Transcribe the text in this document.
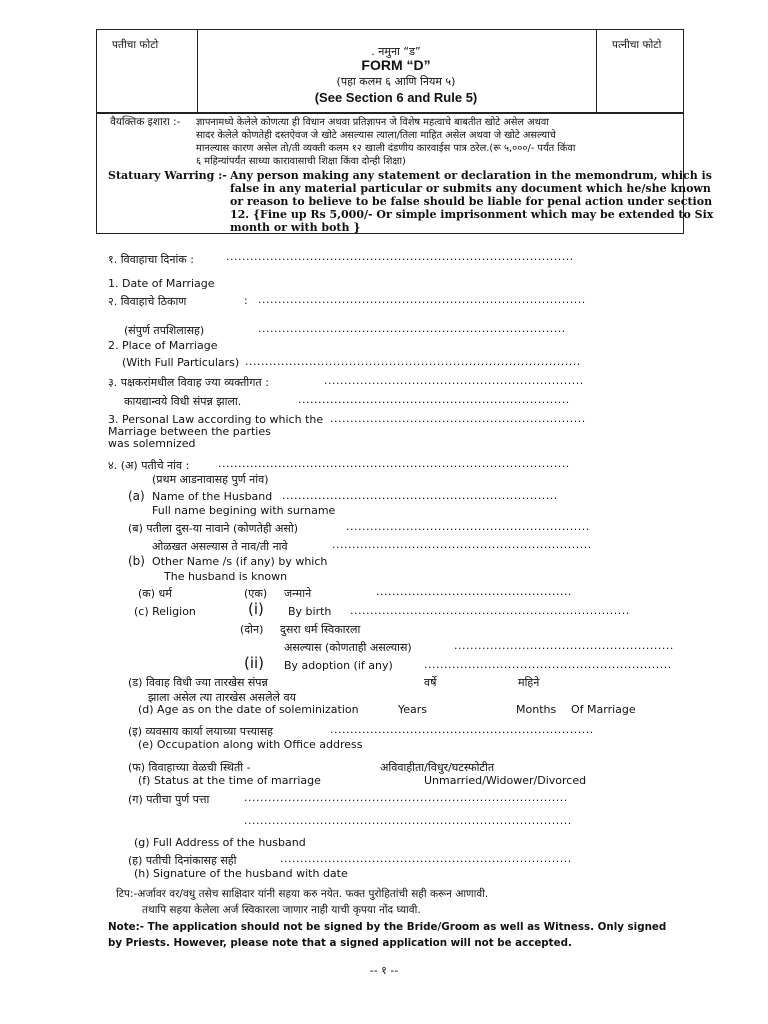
पतीचा फोटो	पत्नीचा फोटो
. नमुना “ड”
FORM “D”
(पहा कलम ६ आणि नियम ५)
(See Section 6 and Rule 5)
वैयक्तिक इशारा :- ज्ञापनामध्ये केलेले कोणत्या ही विधान अथवा प्रतिज्ञापन जे विशेष महत्वाचे बाबतीत खोटे असेल अथवा
सादर केलेले कोणतेही दस्तऐवज जे खोटे असल्यास त्याला/तिला माहित असेल अथवा जे खोटे असल्याचे
मानल्यास कारण असेल तो/ती व्यक्ती कलम १२ खाली दंडणीय कारवाईस पात्र ठरेल.(रू ५,०००/- पर्यंत किंवा
६ महिन्यांपर्यंत साध्या कारावासाची शिक्षा किंवा दोन्ही शिक्षा)
Statuary Warring :- Any person making any statement or declaration in the memondrum, which is
false in any material particular or submits any document which he/she known
or reason to believe to be false should be liable for penal action under section
12. {Fine up Rs 5,000/- Or simple imprisonment which may be extended to Six
month or with both }
१. विवाहाचा दिनांक :	.......................................................................................
1. Date of Marriage
२. विवाहाचे ठिकाण	: ..................................................................................
(संपुर्ण तपशिलासह)	.............................................................................
2. Place of Marriage
(With Full Particulars) ....................................................................................
३. पक्षकरांमधील विवाह ज्या व्यक्तीगत :	.................................................................
कायद्यान्वये विधी संपन्न झाला.	....................................................................
3. Personal Law according to which the ................................................................
Marriage between the parties
was solemnized
४. (अ) पतीचे नांव :	........................................................................................
(प्रथम आडनावासह पुर्ण नांव)
(a) Name of the Husband .....................................................................
Full name begining with surname
(ब) पतीला दुस-या नावाने (कोणतेही असो)	.............................................................
ओळखत असल्यास ते नाव/ती नावे	.................................................................
(b) Other Name /s (if any) by which
The husband is known
(क) धर्म	(एक) जन्माने	.................................................
(c) Religion	(i) By birth ......................................................................
(दोन) दुसरा धर्म स्विकारला
असल्यास (कोणताही असल्यास)	.......................................................
(ii) By adoption (if any)	..............................................................
(ड) विवाह विधी ज्या तारखेस संपन्न	वर्षे	महिने
झाला असेल त्या तारखेस असलेले वय
(d) Age as on the date of soleminization	Years	Months Of Marriage
(इ) व्यवसाय कार्या लयाच्या पत्त्यासह	..................................................................
(e) Occupation along with Office address
(फ) विवाहाच्या वेळची स्थिती -	अविवाहीता/विधुर/घटस्फोटीत
(f) Status at the time of marriage	Unmarried/Widower/Divorced
(ग) पतीचा पुर्ण पत्ता	.................................................................................
..................................................................................
(g) Full Address of the husband
(ह) पतीची दिनांकासह सही	.........................................................................
(h) Signature of the husband with date
टिप:-अर्जावर वर/वधु तसेच साक्षिदार यांनी सहया करु नयेत. फक्त पुरोहितांची सही करून आणावी.
तथापि सहया केलेला अर्ज स्विकारला जाणार नाही याची कृपया नोंद घ्यावी.
Note:- The application should not be signed by the Bride/Groom as well as Witness. Only signed
by Priests. However, please note that a signed application will not be accepted.
-- १ --
